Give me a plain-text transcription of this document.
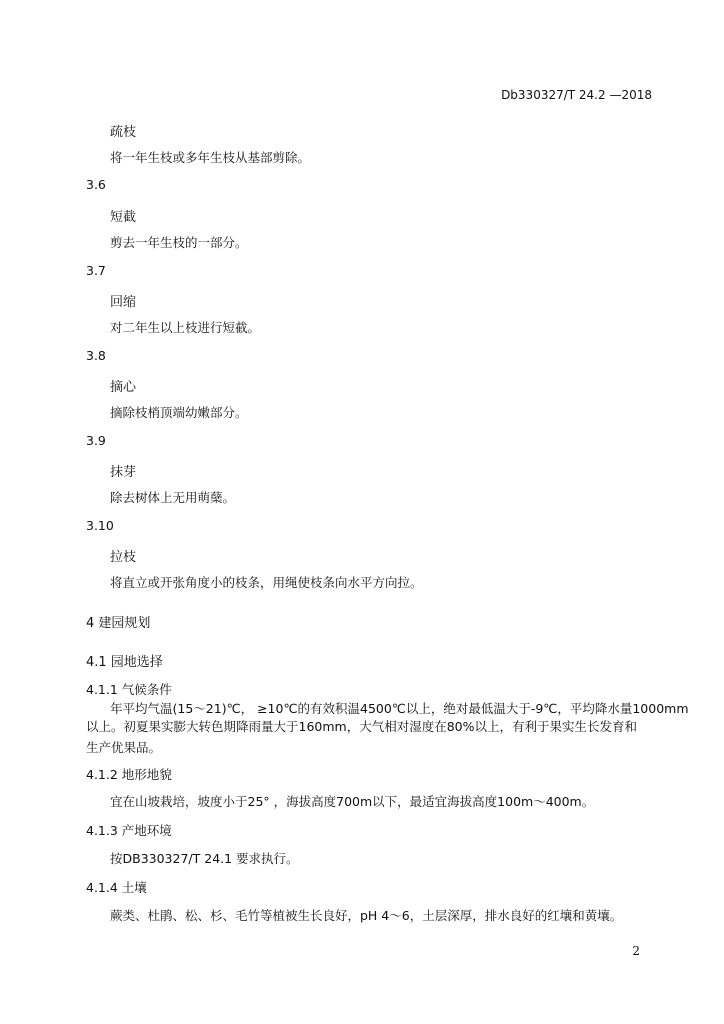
Db330327/T 24.2 —2018
疏枝
将一年生枝或多年生枝从基部剪除。
3.6
短截
剪去一年生枝的一部分。
3.7
回缩
对二年生以上枝进行短截。
3.8
摘心
摘除枝梢顶端幼嫩部分。
3.9
抹芽
除去树体上无用萌蘖。
3.10
拉枝
将直立或开张角度小的枝条，用绳使枝条向水平方向拉。
4 建园规划
4.1 园地选择
4.1.1 气候条件
年平均气温(15～21)℃， ≥10℃的有效积温4500℃以上，绝对最低温大于-9℃，平均降水量1000mm
以上。初夏果实膨大转色期降雨量大于160mm，大气相对湿度在80%以上，有利于果实生长发育和生产优果品。
4.1.2 地形地貌
宜在山坡栽培，坡度小于25° ，海拔高度700m以下，最适宜海拔高度100m～400m。
4.1.3 产地环境
按DB330327/T 24.1 要求执行。
4.1.4 土壤
蕨类、杜鹃、松、杉、毛竹等植被生长良好，pH 4～6，土层深厚，排水良好的红壤和黄壤。
2
